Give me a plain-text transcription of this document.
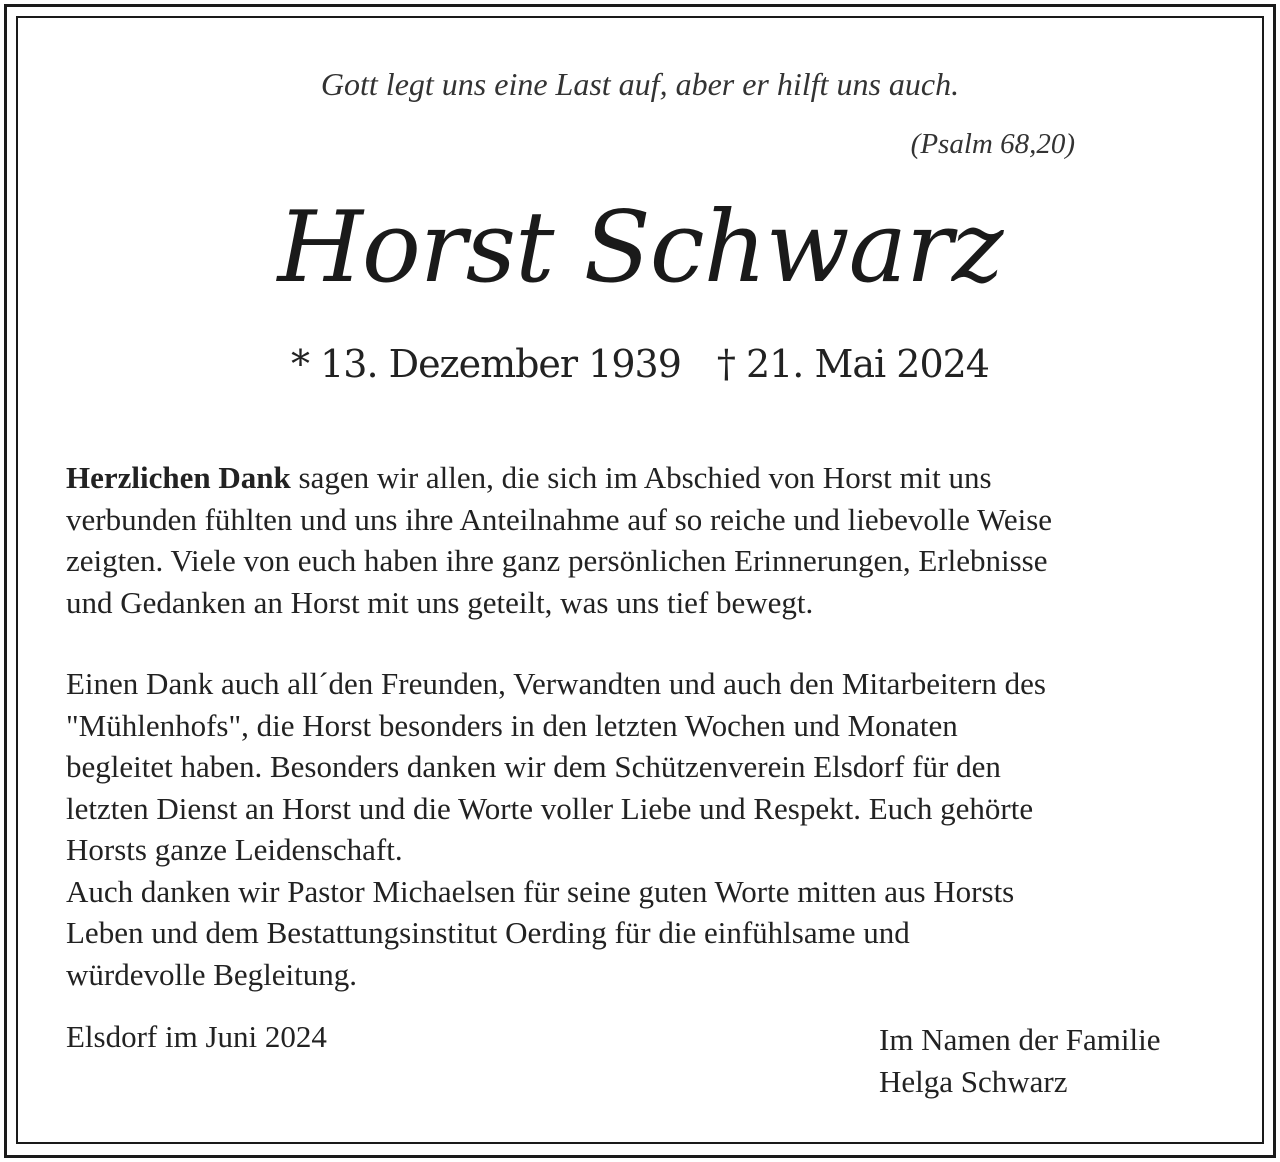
Gott legt uns eine Last auf, aber er hilft uns auch.
(Psalm 68,20)
Horst Schwarz
* 13. Dezember 1939 † 21. Mai 2024
Herzlichen Dank sagen wir allen, die sich im Abschied von Horst mit uns
verbunden fühlten und uns ihre Anteilnahme auf so reiche und liebevolle Weise
zeigten. Viele von euch haben ihre ganz persönlichen Erinnerungen, Erlebnisse
und Gedanken an Horst mit uns geteilt, was uns tief bewegt.
Einen Dank auch all´den Freunden, Verwandten und auch den Mitarbeitern des
"Mühlenhofs", die Horst besonders in den letzten Wochen und Monaten
begleitet haben. Besonders danken wir dem Schützenverein Elsdorf für den
letzten Dienst an Horst und die Worte voller Liebe und Respekt. Euch gehörte
Horsts ganze Leidenschaft.
Auch danken wir Pastor Michaelsen für seine guten Worte mitten aus Horsts
Leben und dem Bestattungsinstitut Oerding für die einfühlsame und
würdevolle Begleitung.
Elsdorf im Juni 2024	Im Namen der Familie
Helga Schwarz
